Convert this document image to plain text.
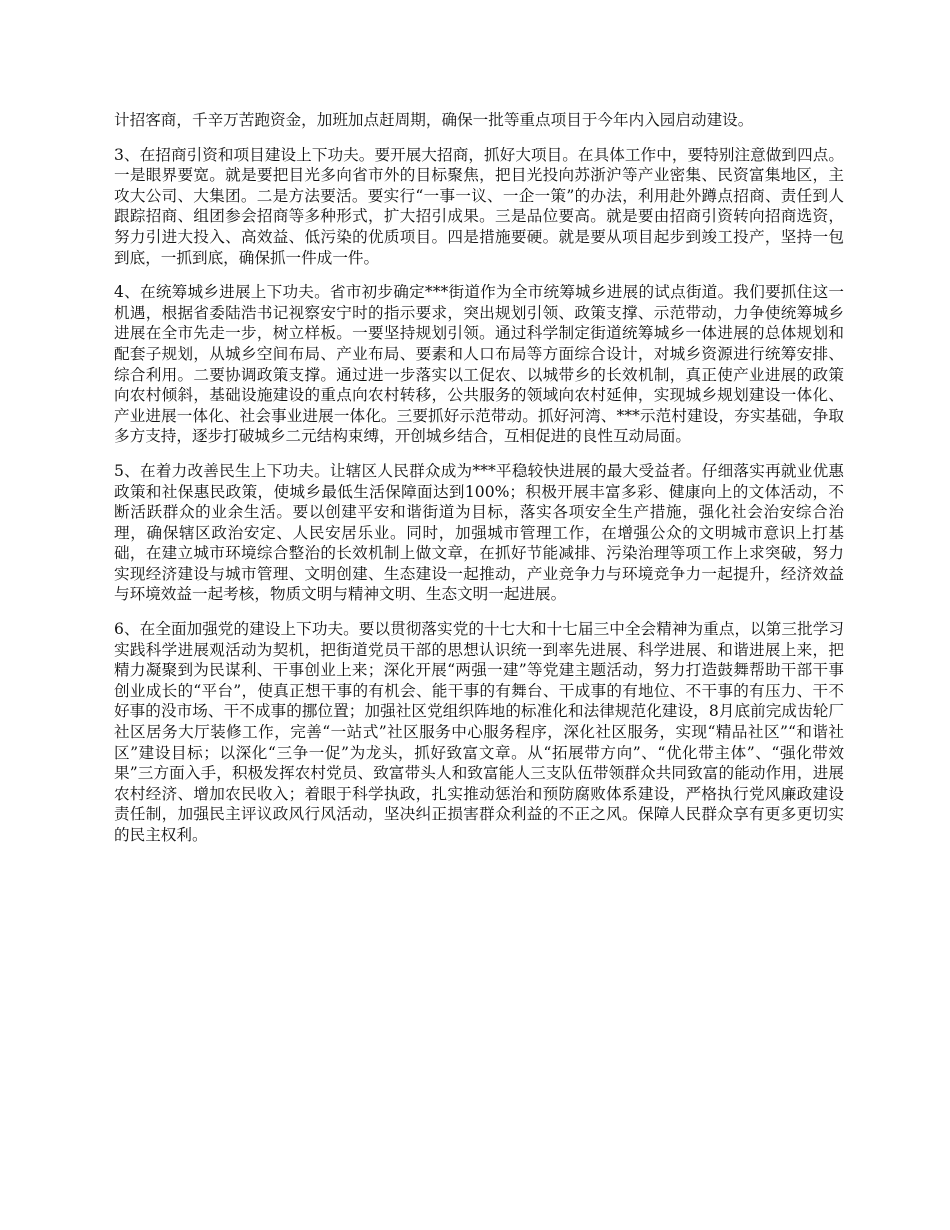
计招客商，千辛万苦跑资金，加班加点赶周期，确保一批等重点项目于今年内入园启动建设。

3、在招商引资和项目建设上下功夫。要开展大招商，抓好大项目。在具体工作中，要特别注意做到四点。一是眼界要宽。就是要把目光多向省市外的目标聚焦，把目光投向苏浙沪等产业密集、民资富集地区，主攻大公司、大集团。二是方法要活。要实行“一事一议、一企一策”的办法，利用赴外蹲点招商、责任到人跟踪招商、组团参会招商等多种形式，扩大招引成果。三是品位要高。就是要由招商引资转向招商选资，努力引进大投入、高效益、低污染的优质项目。四是措施要硬。就是要从项目起步到竣工投产，坚持一包到底，一抓到底，确保抓一件成一件。

4、在统筹城乡进展上下功夫。省市初步确定***街道作为全市统筹城乡进展的试点街道。我们要抓住这一机遇，根据省委陆浩书记视察安宁时的指示要求，突出规划引领、政策支撑、示范带动，力争使统筹城乡进展在全市先走一步，树立样板。一要坚持规划引领。通过科学制定街道统筹城乡一体进展的总体规划和配套子规划，从城乡空间布局、产业布局、要素和人口布局等方面综合设计，对城乡资源进行统筹安排、综合利用。二要协调政策支撑。通过进一步落实以工促农、以城带乡的长效机制，真正使产业进展的政策向农村倾斜，基础设施建设的重点向农村转移，公共服务的领域向农村延伸，实现城乡规划建设一体化、产业进展一体化、社会事业进展一体化。三要抓好示范带动。抓好河湾、***示范村建设，夯实基础，争取多方支持，逐步打破城乡二元结构束缚，开创城乡结合，互相促进的良性互动局面。

5、在着力改善民生上下功夫。让辖区人民群众成为***平稳较快进展的最大受益者。仔细落实再就业优惠政策和社保惠民政策，使城乡最低生活保障面达到100%；积极开展丰富多彩、健康向上的文体活动，不断活跃群众的业余生活。要以创建平安和谐街道为目标，落实各项安全生产措施，强化社会治安综合治理，确保辖区政治安定、人民安居乐业。同时，加强城市管理工作，在增强公众的文明城市意识上打基础，在建立城市环境综合整治的长效机制上做文章，在抓好节能减排、污染治理等项工作上求突破，努力实现经济建设与城市管理、文明创建、生态建设一起推动，产业竞争力与环境竞争力一起提升，经济效益与环境效益一起考核，物质文明与精神文明、生态文明一起进展。

6、在全面加强党的建设上下功夫。要以贯彻落实党的十七大和十七届三中全会精神为重点，以第三批学习实践科学进展观活动为契机，把街道党员干部的思想认识统一到率先进展、科学进展、和谐进展上来，把精力凝聚到为民谋利、干事创业上来；深化开展“两强一建”等党建主题活动，努力打造鼓舞帮助干部干事创业成长的“平台”，使真正想干事的有机会、能干事的有舞台、干成事的有地位、不干事的有压力、干不好事的没市场、干不成事的挪位置；加强社区党组织阵地的标准化和法律规范化建设，8月底前完成齿轮厂社区居务大厅装修工作，完善“一站式”社区服务中心服务程序，深化社区服务，实现“精品社区”“和谐社区”建设目标；以深化“三争一促”为龙头，抓好致富文章。从“拓展带方向”、“优化带主体”、“强化带效果”三方面入手，积极发挥农村党员、致富带头人和致富能人三支队伍带领群众共同致富的能动作用，进展农村经济、增加农民收入；着眼于科学执政，扎实推动惩治和预防腐败体系建设，严格执行党风廉政建设责任制，加强民主评议政风行风活动，坚决纠正损害群众利益的不正之风。保障人民群众享有更多更切实的民主权利。
